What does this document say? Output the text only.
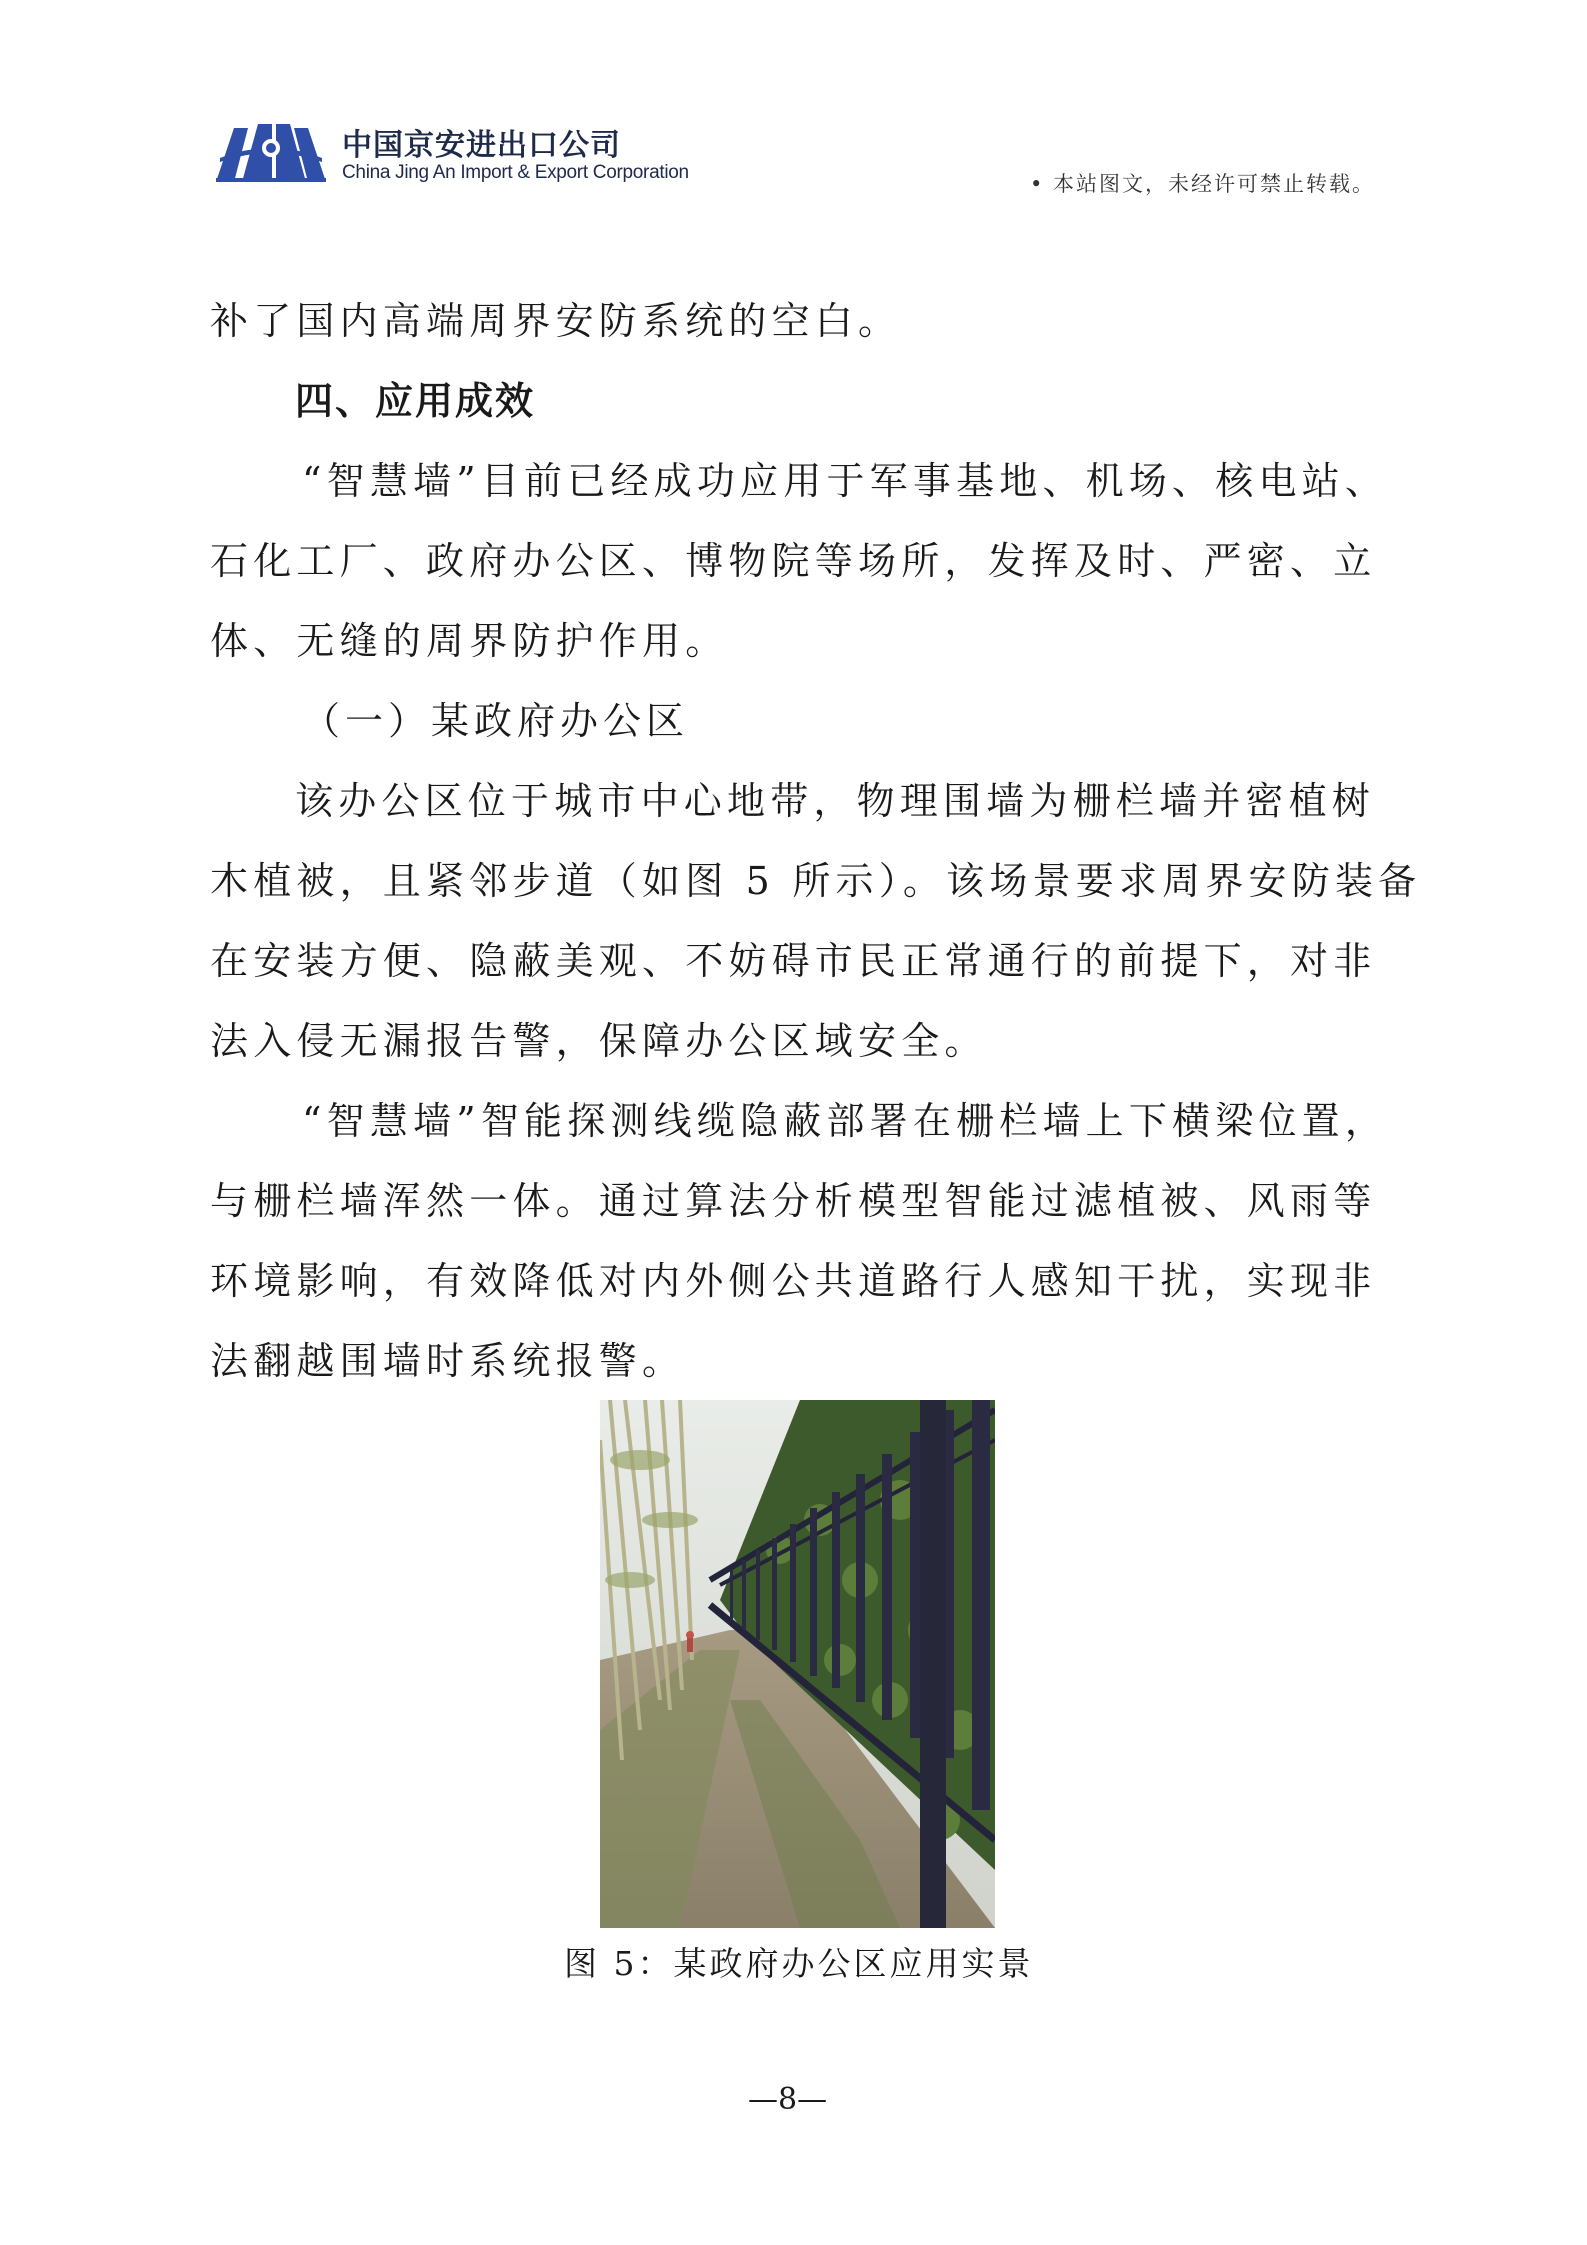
中国京安进出口公司
China Jing An Import & Export Corporation	• 本站图文，未经许可禁止转载。
补了国内高端周界安防系统的空白。
四、应用成效
“智慧墙”目前已经成功应用于军事基地、机场、核电站、
石化工厂、政府办公区、博物院等场所，发挥及时、严密、立
体、无缝的周界防护作用。
（一）某政府办公区
该办公区位于城市中心地带，物理围墙为栅栏墙并密植树
木植被，且紧邻步道（如图 5 所示）。该场景要求周界安防装备
在安装方便、隐蔽美观、不妨碍市民正常通行的前提下，对非
法入侵无漏报告警，保障办公区域安全。
“智慧墙”智能探测线缆隐蔽部署在栅栏墙上下横梁位置，
与栅栏墙浑然一体。通过算法分析模型智能过滤植被、风雨等
环境影响，有效降低对内外侧公共道路行人感知干扰，实现非
法翻越围墙时系统报警。
图 5：某政府办公区应用实景
—8—
